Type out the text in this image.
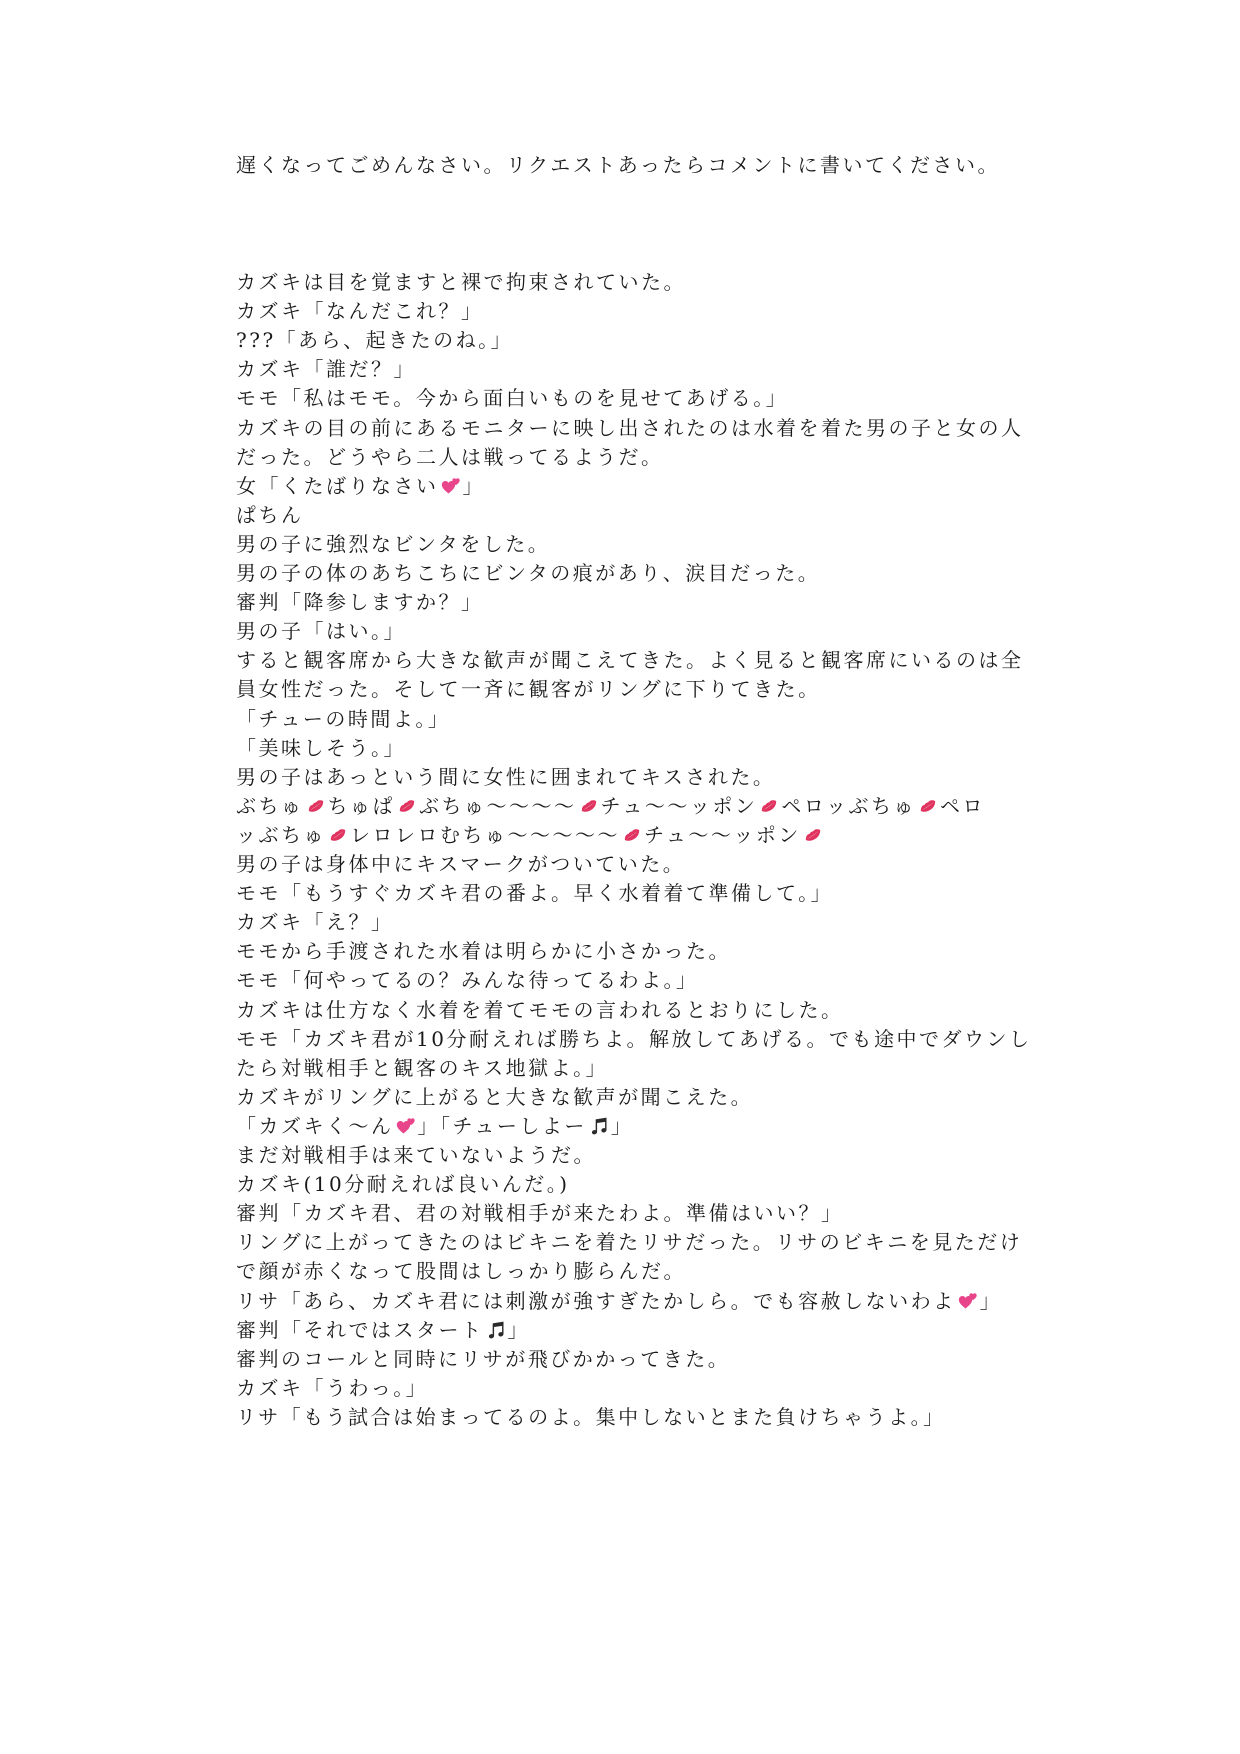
遅くなってごめんなさい。リクエストあったらコメントに書いてください。
カズキは目を覚ますと裸で拘束されていた。
カズキ「なんだこれ？」
???「あら、起きたのね。」
カズキ「誰だ？」
モモ「私はモモ。今から面白いものを見せてあげる。」
カズキの目の前にあるモニターに映し出されたのは水着を着た男の子と女の人
だった。どうやら二人は戦ってるようだ。
女「くたばりなさい 」
ぱちん
男の子に強烈なビンタをした。
男の子の体のあちこちにビンタの痕があり、涙目だった。
審判「降参しますか？」
男の子「はい。」
すると観客席から大きな歓声が聞こえてきた。よく見ると観客席にいるのは全
員女性だった。そして一斉に観客がリングに下りてきた。
「チューの時間よ。」
「美味しそう。」
男の子はあっという間に女性に囲まれてキスされた。
ぶちゅ ちゅぱ ぶちゅ〜〜〜〜 チュ〜〜ッポン ペロッぶちゅ ペロ
ッぶちゅ レロレロむちゅ〜〜〜〜〜 チュ〜〜ッポン
男の子は身体中にキスマークがついていた。
モモ「もうすぐカズキ君の番よ。早く水着着て準備して。」
カズキ「え？」
モモから手渡された水着は明らかに小さかった。
モモ「何やってるの？みんな待ってるわよ。」
カズキは仕方なく水着を着てモモの言われるとおりにした。
モモ「カズキ君が10分耐えれば勝ちよ。解放してあげる。でも途中でダウンし
たら対戦相手と観客のキス地獄よ。」
カズキがリングに上がると大きな歓声が聞こえた。
「カズキく〜ん 」「チューしよー 」
まだ対戦相手は来ていないようだ。
カズキ(10分耐えれば良いんだ。)
審判「カズキ君、君の対戦相手が来たわよ。準備はいい？」
リングに上がってきたのはビキニを着たリサだった。リサのビキニを見ただけ
で顔が赤くなって股間はしっかり膨らんだ。
リサ「あら、カズキ君には刺激が強すぎたかしら。でも容赦しないわよ 」
審判「それではスタート 」
審判のコールと同時にリサが飛びかかってきた。
カズキ「うわっ。」
リサ「もう試合は始まってるのよ。集中しないとまた負けちゃうよ。」
